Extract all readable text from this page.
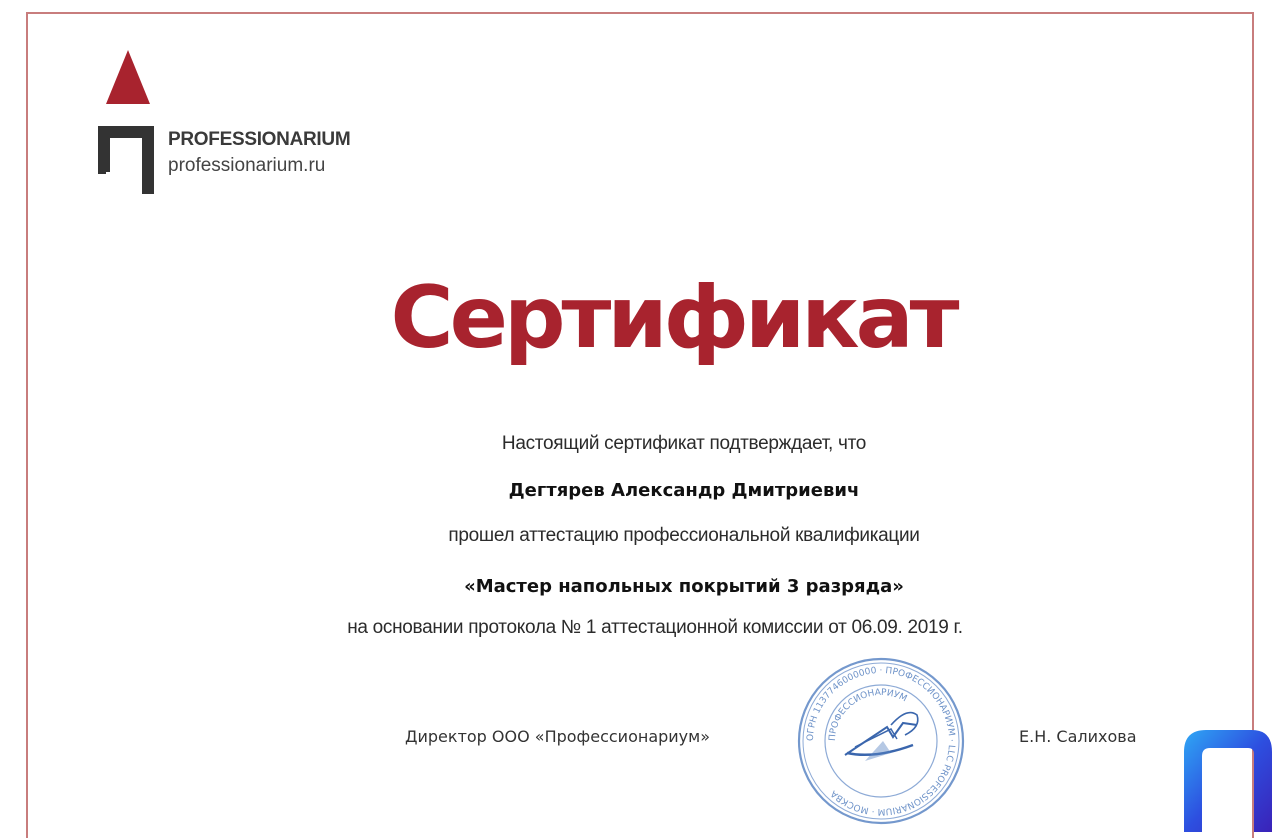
PROFESSIONARIUM
professionarium.ru
Сертификат
Настоящий сертификат подтверждает, что
Дегтярев Александр Дмитриевич
прошел аттестацию профессиональной квалификации
«Мастер напольных покрытий 3 разряда»
на основании протокола № 1 аттестационной комиссии от 06.09. 2019 г.
Директор ООО «Профессионариум»	Е.Н. Салихова
ОГРН 1137746000000 · ПРОФЕССИОНАРИУМ · LLC PROFESSIONARIUM · МОСКВА
ПРОФЕССИОНАРИУМ
